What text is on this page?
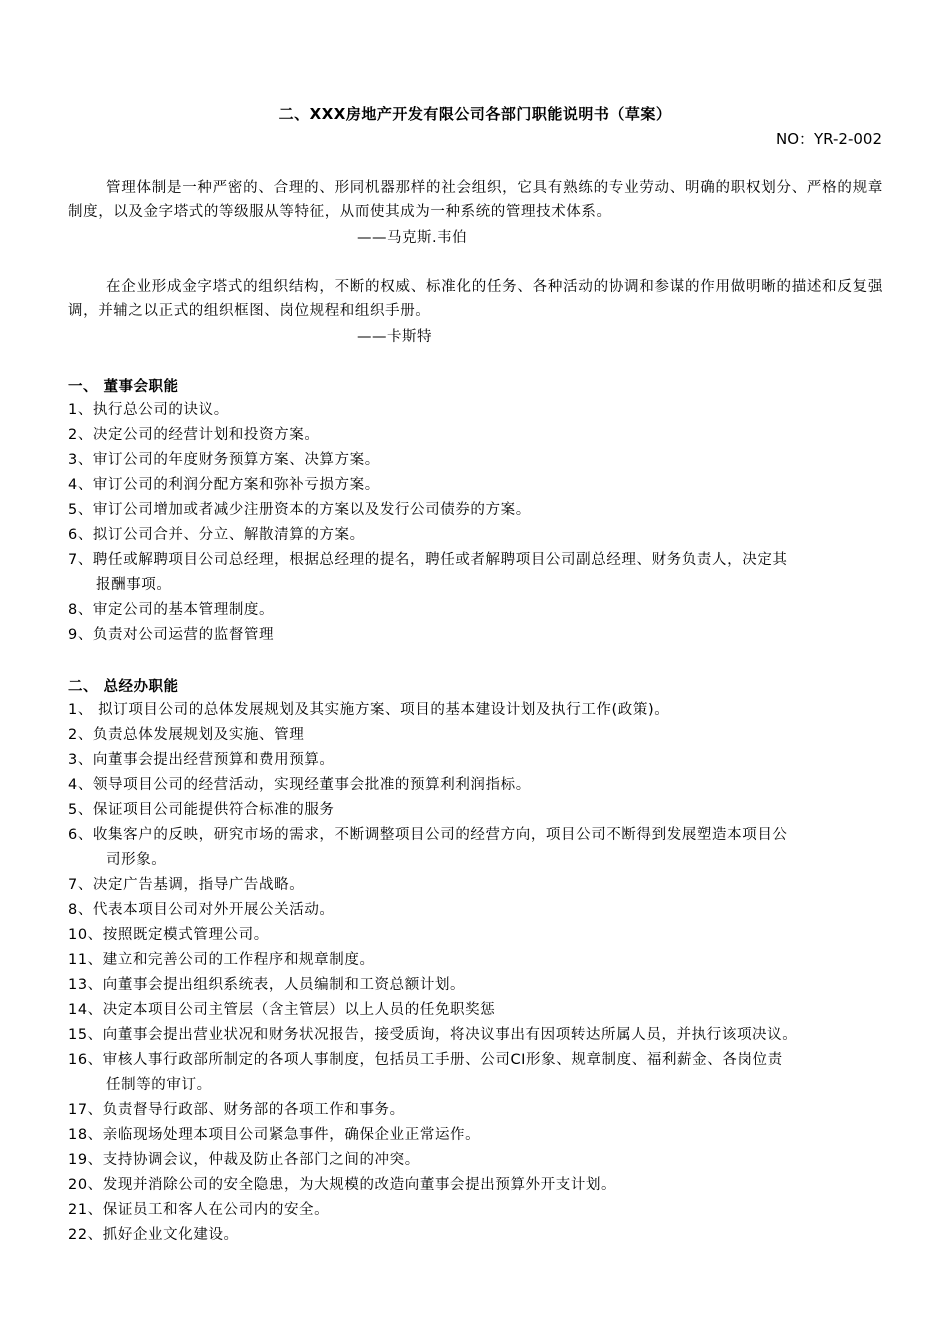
二、XXX房地产开发有限公司各部门职能说明书（草案）
NO：YR-2-002
管理体制是一种严密的、合理的、形同机器那样的社会组织，它具有熟练的专业劳动、明确的职权划分、严格的规章制度，以及金字塔式的等级服从等特征，从而使其成为一种系统的管理技术体系。
——马克斯.韦伯
在企业形成金字塔式的组织结构，不断的权威、标准化的任务、各种活动的协调和参谋的作用做明晰的描述和反复强调，并辅之以正式的组织框图、岗位规程和组织手册。
——卡斯特
一、 董事会职能
1、执行总公司的诀议。
2、决定公司的经营计划和投资方案。
3、审订公司的年度财务预算方案、决算方案。
4、审订公司的利润分配方案和弥补亏损方案。
5、审订公司增加或者减少注册资本的方案以及发行公司债券的方案。
6、拟订公司合并、分立、解散清算的方案。
7、聘任或解聘项目公司总经理，根据总经理的提名，聘任或者解聘项目公司副总经理、财务负责人，决定其
报酬事项。
8、审定公司的基本管理制度。
9、负责对公司运营的监督管理
二、 总经办职能
1、 拟订项目公司的总体发展规划及其实施方案、项目的基本建设计划及执行工作(政策)。
2、负责总体发展规划及实施、管理
3、向董事会提出经营预算和费用预算。
4、领导项目公司的经营活动，实现经董事会批准的预算利利润指标。
5、保证项目公司能提供符合标准的服务
6、收集客户的反映，研究市场的需求，不断调整项目公司的经营方向，项目公司不断得到发展塑造本项目公
司形象。
7、决定广告基调，指导广告战略。
8、代表本项目公司对外开展公关活动。
10、按照既定模式管理公司。
11、建立和完善公司的工作程序和规章制度。
13、向董事会提出组织系统表，人员编制和工资总额计划。
14、决定本项目公司主管层（含主管层）以上人员的任免职奖惩
15、向董事会提出营业状况和财务状况报告，接受质询，将决议事出有因项转达所属人员，并执行该项决议。
16、审核人事行政部所制定的各项人事制度，包括员工手册、公司CI形象、规章制度、福利薪金、各岗位责
任制等的审订。
17、负责督导行政部、财务部的各项工作和事务。
18、亲临现场处理本项目公司紧急事件，确保企业正常运作。
19、支持协调会议，仲裁及防止各部门之间的冲突。
20、发现并消除公司的安全隐患，为大规模的改造向董事会提出预算外开支计划。
21、保证员工和客人在公司内的安全。
22、抓好企业文化建设。
